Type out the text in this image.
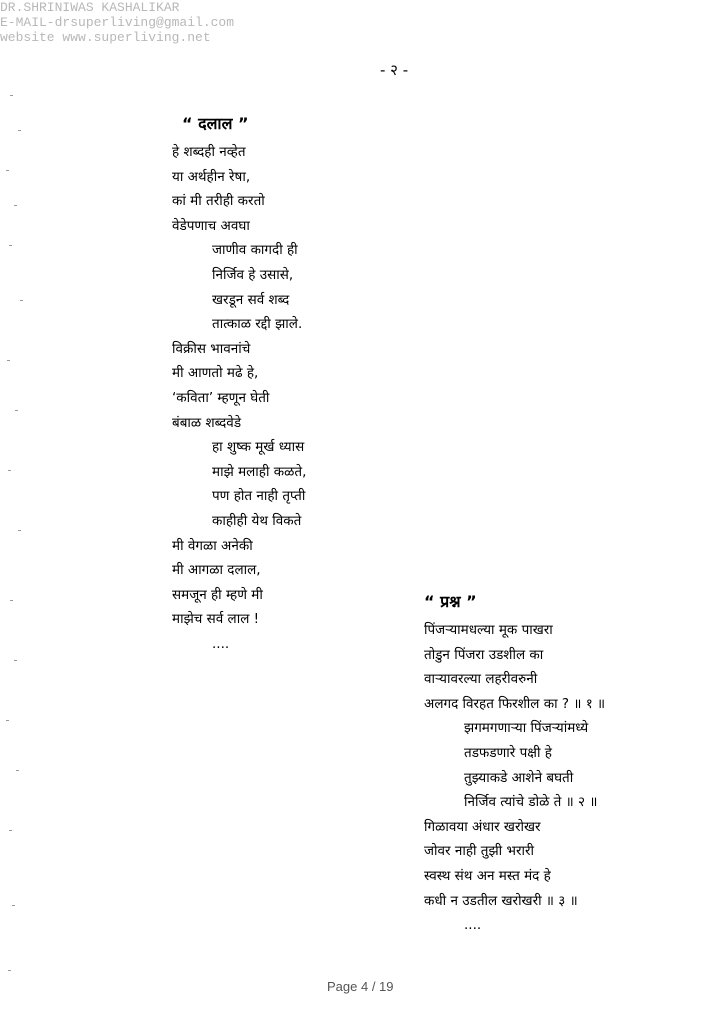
DR.SHRINIWAS KASHALIKAR
E-MAIL-drsuperliving@gmail.com
website www.superliving.net
- २ -
“ दलाल ”
हे शब्दही नव्हेत
या अर्थहीन रेषा,
कां मी तरीही करतो
वेडेपणाच अवघा
जाणीव कागदी ही
निर्जिव हे उसासे,
खरडून सर्व शब्द
तात्काळ रद्दी झाले.
विक्रीस भावनांचे
मी आणतो मढे हे,
‘कविता’ म्हणून घेती
बंबाळ शब्दवेडे
हा शुष्क मूर्ख ध्यास
माझे मलाही कळते,
पण होत नाही तृप्ती
काहीही येथ विकते
मी वेगळा अनेकी
मी आगळा दलाल,
समजून ही म्हणे मी
माझेच सर्व लाल !
....
“ प्रश्न ”
पिंजऱ्यामधल्या मूक पाखरा
तोडुन पिंजरा उडशील का
वाऱ्यावरल्या लहरीवरुनी
अलगद विरहत फिरशील का ? ॥ १ ॥
झगमगणाऱ्या पिंजऱ्यांमध्ये
तडफडणारे पक्षी हे
तुझ्याकडे आशेने बघती
निर्जिव त्यांचे डोळे ते ॥ २ ॥
गिळावया अंधार खरोखर
जोवर नाही तुझी भरारी
स्वस्थ संथ अन मस्त मंद हे
कधी न उडतील खरोखरी ॥ ३ ॥
....
Page 4 / 19
